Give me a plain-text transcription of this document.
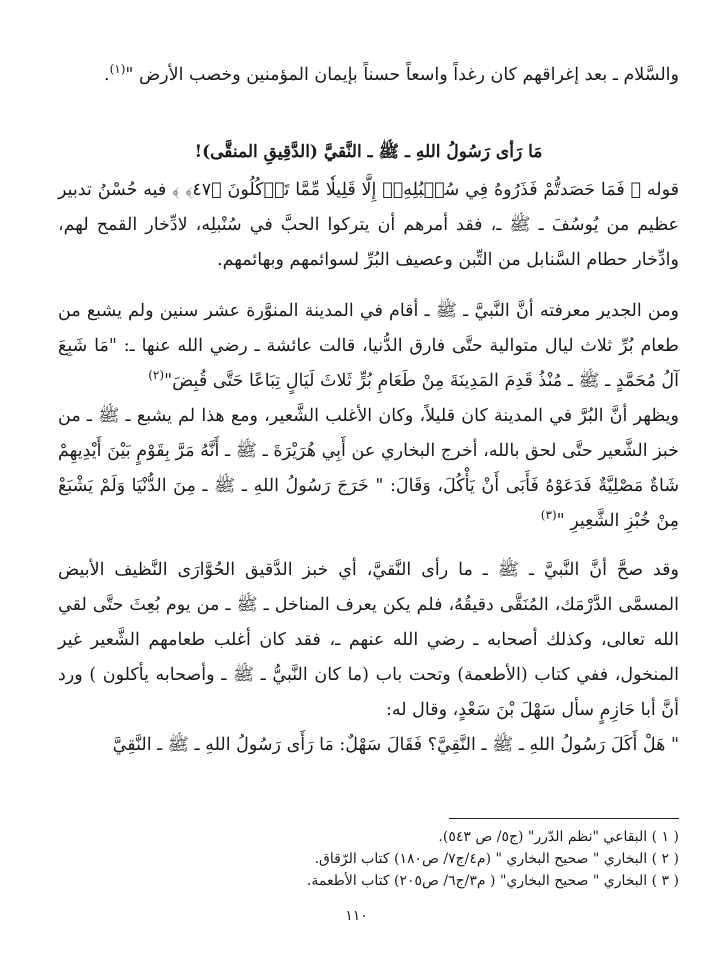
والسَّلام ـ بعد إغراقهم كان رغداً واسعاً حسناً بإيمان المؤمنين وخصب الأرض "$^{(١)}$.

مَا رَأى رَسُولُ اللهِ ـ ﷺ ـ النَّقيَّ (الدَّقِيقِ المنقَّى)!

قوله ﴿ فَمَا حَصَدتُّمْ فَذَرُوهُ فِي سُنۢبُلِهِۦٓ إِلَّا قَلِيلٗا مِّمَّا تَأۡكُلُونَ ﴿٤٧﴾ ﴾ فيه حُسْنُ تدبير عظيم من يُوسُفَ ـ ﷺ ـ، فقد أمرهم أن يتركوا الحبَّ في سُنْبلِه، لادِّخار القمح لهم، وادِّخار حطام السَّنابل من التِّبن وعصيف البُرِّ لسوائمهم وبهائمهم.

ومن الجدير معرفته أنَّ النَّبيَّ ـ ﷺ ـ أقام في المدينة المنوَّرة عشر سنين ولم يشبع من طعام بُرِّ ثلاث ليال متوالية حتَّى فارق الدُّنيا، قالت عائشة ـ رضي الله عنها ـ: "مَا شَبِعَ آلُ مُحَمَّدٍ ـ ﷺ ـ مُنْذُ قَدِمَ المَدِينَةَ مِنْ طَعَامِ بُرٍّ ثَلاثَ لَيَالٍ تِبَاعًا حَتَّى قُبِضَ"$^{(٢)}$

ويظهر أنَّ البُرَّ في المدينة كان قليلاً، وكان الأغلب الشَّعير، ومع هذا لم يشبع ـ ﷺ ـ من خبز الشَّعير حتَّى لحق بالله، أخرج البخاري عن أَبِي هُرَيْرَةَ ـ ﷺ ـ أَنَّهُ مَرَّ بِقَوْمٍ بَيْنَ أَيْدِيهِمْ شَاةٌ مَصْلِيَّةٌ فَدَعَوْهُ فَأَبَى أَنْ يَأْكُلَ، وَقَالَ: " خَرَجَ رَسُولُ اللهِ ـ ﷺ ـ مِنَ الدُّنْيَا وَلَمْ يَشْبَعْ مِنْ خُبْزِ الشَّعِيرِ "$^{(٣)}$

وقد صحَّ أنَّ النَّبيَّ ـ ﷺ ـ ما رأى النَّقيَّ، أي خبز الدَّقيق الحُوَّارَى النَّظيف الأبيض المسمَّى الدَّرْمَك، المُنَقَّى دقيقُهُ، فلم يكن يعرف المناخل ـ ﷺ ـ من يوم بُعِثَ حتَّى لقي الله تعالى، وكذلك أصحابه ـ رضي الله عنهم ـ، فقد كان أغلب طعامهم الشَّعير غير المنخول، ففي كتاب (الأطعمة) وتحت باب (ما كان النَّبيُّ ـ ﷺ ـ وأصحابه يأكلون ) ورد أنَّ أبا حَازِمٍ سأل سَهْلَ بْنَ سَعْدٍ، وقال له:

" هَلْ أَكَلَ رَسُولُ اللهِ ـ ﷺ ـ النَّقِيَّ؟ فَقَالَ سَهْلٌ: مَا رَأَى رَسُولُ اللهِ ـ ﷺ ـ النَّقِيَّ

( ١ ) البقاعي "نظم الدّرر" (ج٥/ ص ٥٤٣).
( ٢ ) البخاري " صحيح البخاري " (م٤/ج٧/ ص١٨٠) كتاب الرّقاق.
( ٣ ) البخاري " صحيح البخاري" ( م٣/ج٦/ ص٢٠٥) كتاب الأطعمة.
١١٠
